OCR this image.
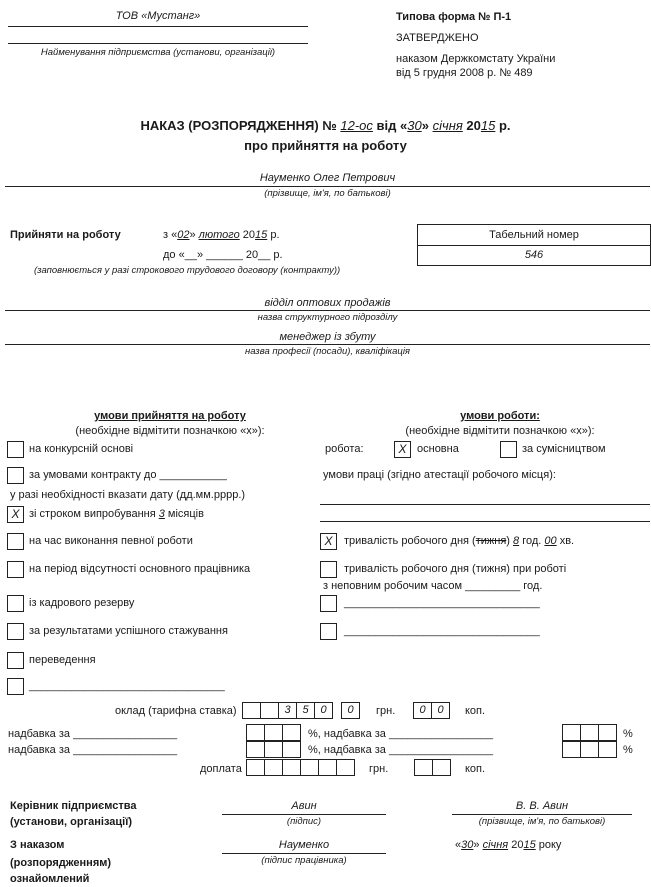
ТОВ «Мустанг»
Найменування підприємства (установи, організації)
Типова форма № П-1
ЗАТВЕРДЖЕНО
наказом Держкомстату України
від 5 грудня 2008 р. № 489
НАКАЗ (РОЗПОРЯДЖЕННЯ) № 12-ос від «30» січня 2015 р.
про прийняття на роботу
Науменко Олег Петрович
(прізвище, ім'я, по батькові)
Прийняти на роботу	з «02» лютого 2015 р.
до «__» ______ 20__ р.
(заповнюється у разі строкового трудового договору (контракту))
Табельний номер
546
відділ оптових продажів
назва структурного підрозділу
менеджер із збуту
назва професії (посади), кваліфікація
умови прийняття на роботу
(необхідне відмітити позначкою «х»):
на конкурсній основі
за умовами контракту до ___________
у разі необхідності вказати дату (дд.мм.рррр.)
X зі строком випробування 3 місяців
на час виконання певної роботи
на період відсутності основного працівника
із кадрового резерву
за результатами успішного стажування
переведення
________________________________
умови роботи:
(необхідне відмітити позначкою «х»):
робота:	X основна	за сумісництвом
умови праці (згідно атестації робочого місця):
X	тривалість робочого дня (тижня) 8 год. 00 хв.
тривалість робочого дня (тижня) при роботі
з неповним робочим часом _________ год.
________________________________
________________________________
оклад (тарифна ставка)	3	5	0	0	грн.	0	0	коп.
надбавка за _________________	%, надбавка за _________________	%
надбавка за _________________	%, надбавка за _________________	%
доплата	грн.	коп.
Керівник підприємства
(установи, організації)
Авин
(підпис)
В. В. Авин
(прізвище, ім'я, по батькові)
З наказом
(розпорядженням)
ознайомлений
Науменко
(підпис працівника)
«30» січня 2015 року
